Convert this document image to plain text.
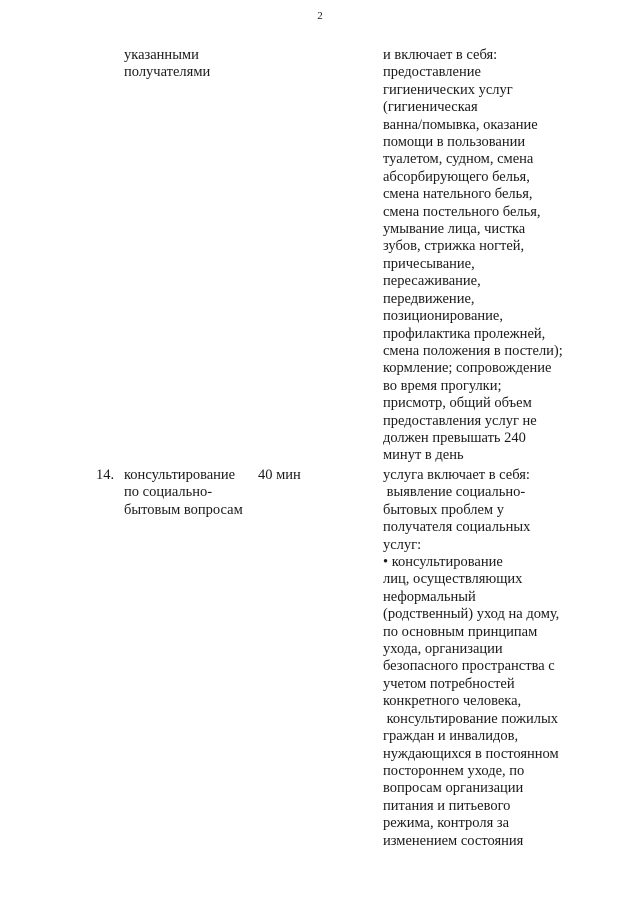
2
указанными
получателями
и включает в себя:
предоставление
гигиенических услуг
(гигиеническая
ванна/помывка, оказание
помощи в пользовании
туалетом, судном, смена
абсорбирующего белья,
смена нательного белья,
смена постельного белья,
умывание лица, чистка
зубов, стрижка ногтей,
причесывание,
пересаживание,
передвижение,
позиционирование,
профилактика пролежней,
смена положения в постели);
кормление; сопровождение
во время прогулки;
присмотр, общий объем
предоставления услуг не
должен превышать 240
минут в день
14. консультирование
по социально-
бытовым вопросам
40 мин	услуга включает в себя:
выявление социально-
бытовых проблем у
получателя социальных
услуг:
• консультирование
лиц, осуществляющих
неформальный
(родственный) уход на дому,
по основным принципам
ухода, организации
безопасного пространства с
учетом потребностей
конкретного человека,
консультирование пожилых
граждан и инвалидов,
нуждающихся в постоянном
постороннем уходе, по
вопросам организации
питания и питьевого
режима, контроля за
изменением состояния
